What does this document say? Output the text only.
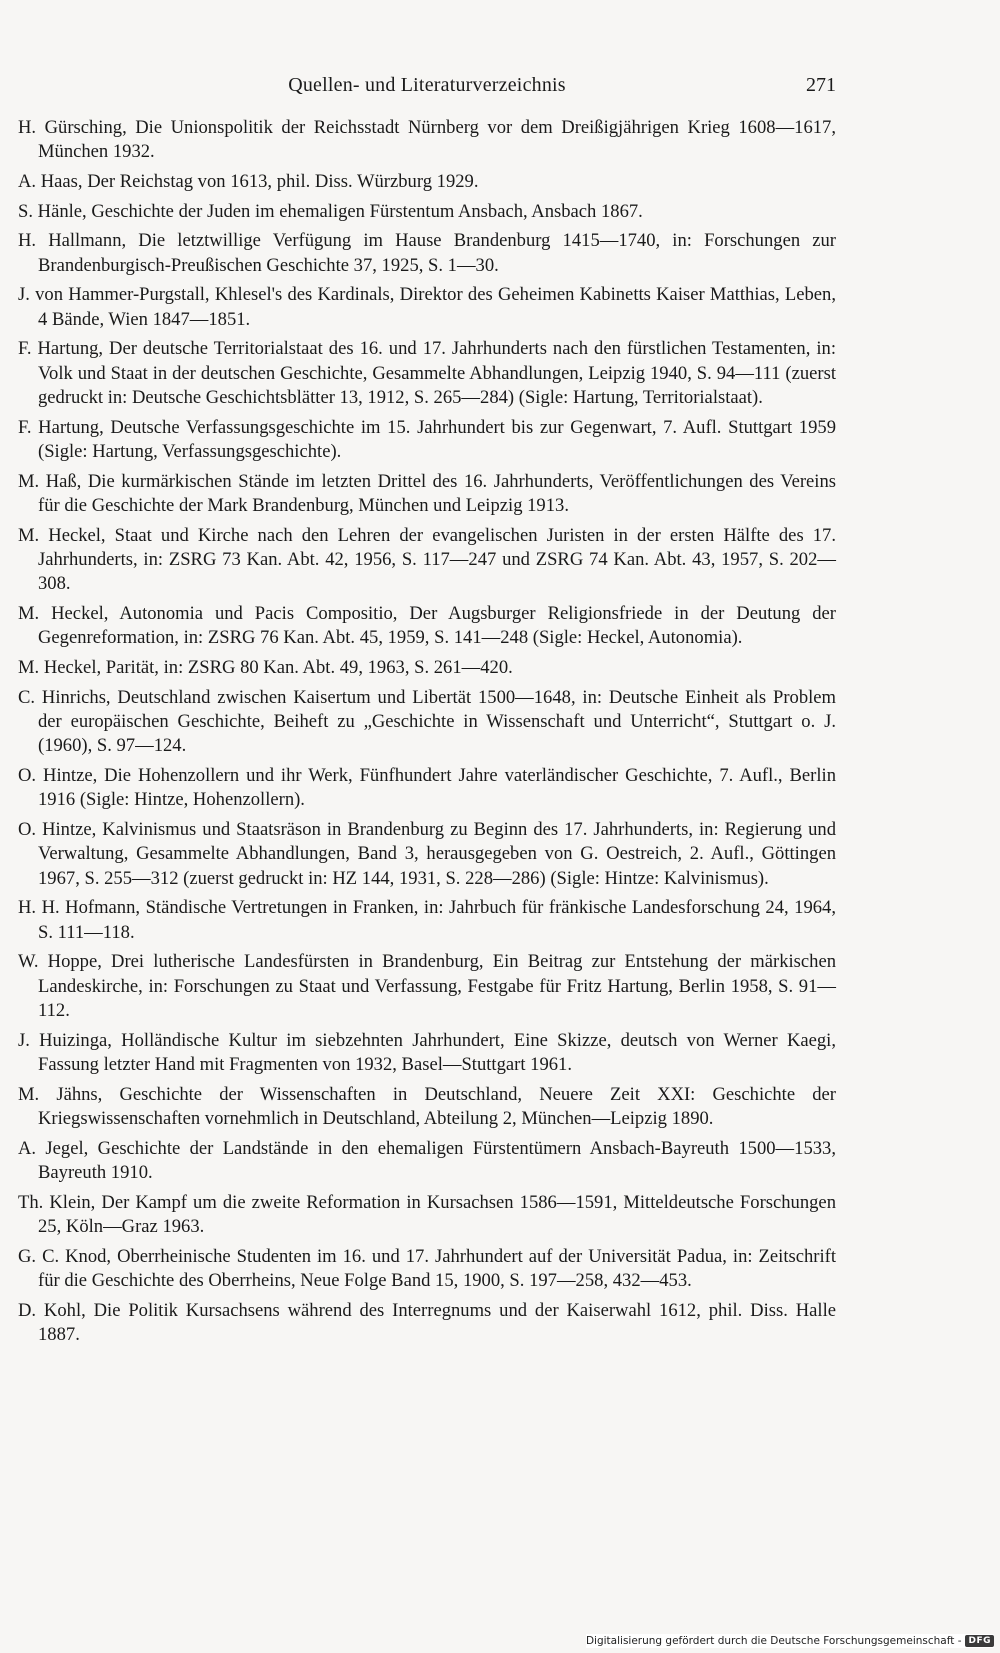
Quellen- und Literaturverzeichnis	271

H. Gürsching, Die Unionspolitik der Reichsstadt Nürnberg vor dem Dreißigjährigen Krieg 1608—1617, München 1932.

A. Haas, Der Reichstag von 1613, phil. Diss. Würzburg 1929.

S. Hänle, Geschichte der Juden im ehemaligen Fürstentum Ansbach, Ansbach 1867.

H. Hallmann, Die letztwillige Verfügung im Hause Brandenburg 1415—1740, in: Forschungen zur Brandenburgisch-Preußischen Geschichte 37, 1925, S. 1—30.

J. von Hammer-Purgstall, Khlesel's des Kardinals, Direktor des Geheimen Kabinetts Kaiser Matthias, Leben, 4 Bände, Wien 1847—1851.

F. Hartung, Der deutsche Territorialstaat des 16. und 17. Jahrhunderts nach den fürstlichen Testamenten, in: Volk und Staat in der deutschen Geschichte, Gesammelte Abhandlungen, Leipzig 1940, S. 94—111 (zuerst gedruckt in: Deutsche Geschichtsblätter 13, 1912, S. 265—284) (Sigle: Hartung, Territorialstaat).

F. Hartung, Deutsche Verfassungsgeschichte im 15. Jahrhundert bis zur Gegenwart, 7. Aufl. Stuttgart 1959 (Sigle: Hartung, Verfassungsgeschichte).

M. Haß, Die kurmärkischen Stände im letzten Drittel des 16. Jahrhunderts, Veröffentlichungen des Vereins für die Geschichte der Mark Brandenburg, München und Leipzig 1913.

M. Heckel, Staat und Kirche nach den Lehren der evangelischen Juristen in der ersten Hälfte des 17. Jahrhunderts, in: ZSRG 73 Kan. Abt. 42, 1956, S. 117—247 und ZSRG 74 Kan. Abt. 43, 1957, S. 202—308.

M. Heckel, Autonomia und Pacis Compositio, Der Augsburger Religionsfriede in der Deutung der Gegenreformation, in: ZSRG 76 Kan. Abt. 45, 1959, S. 141—248 (Sigle: Heckel, Autonomia).

M. Heckel, Parität, in: ZSRG 80 Kan. Abt. 49, 1963, S. 261—420.

C. Hinrichs, Deutschland zwischen Kaisertum und Libertät 1500—1648, in: Deutsche Einheit als Problem der europäischen Geschichte, Beiheft zu „Geschichte in Wissenschaft und Unterricht“, Stuttgart o. J. (1960), S. 97—124.

O. Hintze, Die Hohenzollern und ihr Werk, Fünfhundert Jahre vaterländischer Geschichte, 7. Aufl., Berlin 1916 (Sigle: Hintze, Hohenzollern).

O. Hintze, Kalvinismus und Staatsräson in Brandenburg zu Beginn des 17. Jahrhunderts, in: Regierung und Verwaltung, Gesammelte Abhandlungen, Band 3, herausgegeben von G. Oestreich, 2. Aufl., Göttingen 1967, S. 255—312 (zuerst gedruckt in: HZ 144, 1931, S. 228—286) (Sigle: Hintze: Kalvinismus).

H. H. Hofmann, Ständische Vertretungen in Franken, in: Jahrbuch für fränkische Landesforschung 24, 1964, S. 111—118.

W. Hoppe, Drei lutherische Landesfürsten in Brandenburg, Ein Beitrag zur Entstehung der märkischen Landeskirche, in: Forschungen zu Staat und Verfassung, Festgabe für Fritz Hartung, Berlin 1958, S. 91—112.

J. Huizinga, Holländische Kultur im siebzehnten Jahrhundert, Eine Skizze, deutsch von Werner Kaegi, Fassung letzter Hand mit Fragmenten von 1932, Basel—Stuttgart 1961.

M. Jähns, Geschichte der Wissenschaften in Deutschland, Neuere Zeit XXI: Geschichte der Kriegswissenschaften vornehmlich in Deutschland, Abteilung 2, München—Leipzig 1890.

A. Jegel, Geschichte der Landstände in den ehemaligen Fürstentümern Ansbach-Bayreuth 1500—1533, Bayreuth 1910.

Th. Klein, Der Kampf um die zweite Reformation in Kursachsen 1586—1591, Mitteldeutsche Forschungen 25, Köln—Graz 1963.

G. C. Knod, Oberrheinische Studenten im 16. und 17. Jahrhundert auf der Universität Padua, in: Zeitschrift für die Geschichte des Oberrheins, Neue Folge Band 15, 1900, S. 197—258, 432—453.

D. Kohl, Die Politik Kursachsens während des Interregnums und der Kaiserwahl 1612, phil. Diss. Halle 1887.

Digitalisierung gefördert durch die Deutsche Forschungsgemeinschaft - DFG
